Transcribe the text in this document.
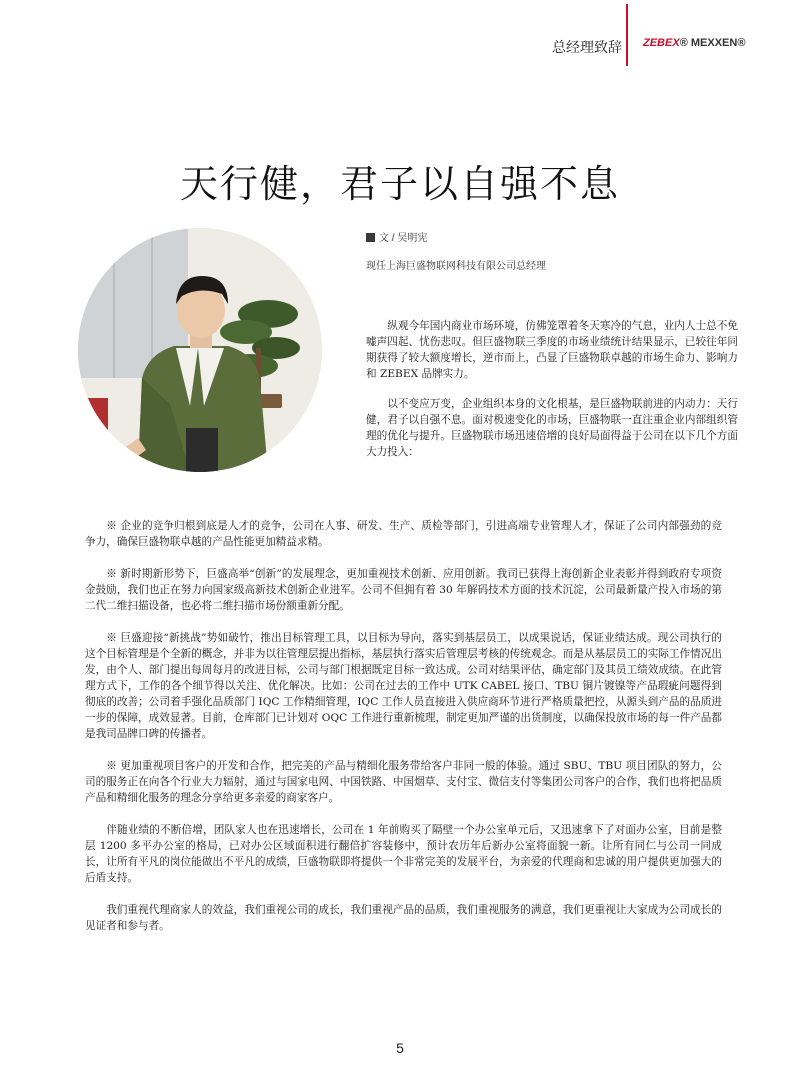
总经理致辞 ZEBEX® MEXXEN®
天行健，君子以自强不息
文 / 吴明宪
现任上海巨盛物联网科技有限公司总经理

纵观今年国内商业市场环境，仿佛笼罩着冬天寒冷的气息，业内人士总不免嘘声四起、忧伤悲叹。但巨盛物联三季度的市场业绩统计结果显示，已较往年同期获得了较大额度增长，逆市而上，凸显了巨盛物联卓越的市场生命力、影响力和 ZEBEX 品牌实力。

以不变应万变，企业组织本身的文化根基，是巨盛物联前进的内动力：天行健，君子以自强不息。面对极速变化的市场，巨盛物联一直注重企业内部组织管理的优化与提升。巨盛物联市场迅速倍增的良好局面得益于公司在以下几个方面大力投入：

※ 企业的竞争归根到底是人才的竞争，公司在人事、研发、生产、质检等部门，引进高端专业管理人才，保证了公司内部强劲的竞争力，确保巨盛物联卓越的产品性能更加精益求精。

※ 新时期新形势下，巨盛高举“创新”的发展理念，更加重视技术创新、应用创新。我司已获得上海创新企业表彰并得到政府专项资金鼓励，我们也正在努力向国家级高新技术创新企业进军。公司不但拥有着 30 年解码技术方面的技术沉淀，公司最新量产投入市场的第二代二维扫描设备，也必将二维扫描市场份额重新分配。

※ 巨盛迎接“新挑战”势如破竹，推出目标管理工具，以目标为导向，落实到基层员工，以成果说话，保证业绩达成。现公司执行的这个目标管理是个全新的概念，并非为以往管理层提出指标，基层执行落实后管理层考核的传统观念。而是从基层员工的实际工作情况出发，由个人、部门提出每周每月的改进目标，公司与部门根据既定目标一致达成。公司对结果评估，确定部门及其员工绩效成绩。在此管理方式下，工作的各个细节得以关注、优化解决。比如：公司在过去的工作中 UTK CABEL 接口、TBU 铜片镀镍等产品瑕疵问题得到彻底的改善；公司着手强化品质部门 IQC 工作精细管理，IQC 工作人员直接进入供应商环节进行严格质量把控，从源头到产品的品质进一步的保障，成效显著。目前，仓库部门已计划对 OQC 工作进行重新梳理，制定更加严谨的出货制度，以确保投放市场的每一件产品都是我司品牌口碑的传播者。

※ 更加重视项目客户的开发和合作，把完美的产品与精细化服务带给客户非同一般的体验。通过 SBU、TBU 项目团队的努力，公司的服务正在向各个行业大力辐射，通过与国家电网、中国铁路、中国烟草、支付宝、微信支付等集团公司客户的合作，我们也将把品质产品和精细化服务的理念分享给更多亲爱的商家客户。

伴随业绩的不断倍增，团队家人也在迅速增长，公司在 1 年前购买了隔壁一个办公室单元后，又迅速拿下了对面办公室，目前是整层 1200 多平办公室的格局，已对办公区域面积进行翻倍扩容装修中，预计农历年后新办公室将面貌一新。让所有同仁与公司一同成长，让所有平凡的岗位能做出不平凡的成绩，巨盛物联即将提供一个非常完美的发展平台，为亲爱的代理商和忠诚的用户提供更加强大的后盾支持。

我们重视代理商家人的效益，我们重视公司的成长，我们重视产品的品质，我们重视服务的满意，我们更重视让大家成为公司成长的见证者和参与者。

5
